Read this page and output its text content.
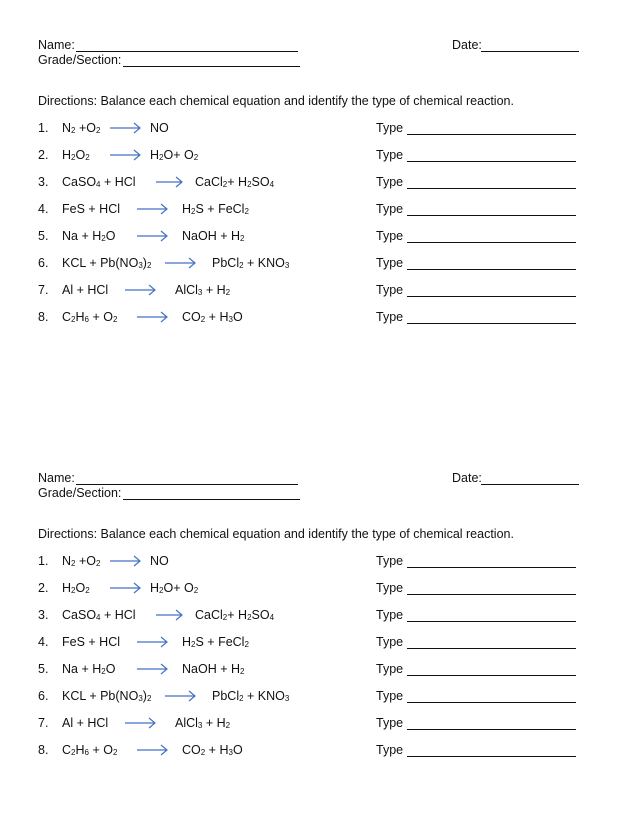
Name:	Date:
Grade/Section:
Directions: Balance each chemical equation and identify the type of chemical reaction.
1. $N_2 +O_2$ → NO	Type
2. $H_2O_2 \to H_2O+ O_2$	Type
3. CaSO$_4$ + HCl → CaCl$_2$+ $H_2SO_4$	Type
4. FeS + HCl → $H_2S$ + FeCl$_2$	Type
5. $Na + H_2O$ → NaOH + $H_2$	Type
6. KCL + $Pb(NO_3)_2$ → PbCl$_2$ + $KNO_3$	Type
7. Al + HCl → AlCl$_3$ + $H_2$	Type
8. $C_2H_6 + O_2 \to CO_2 + H_3O$	Type
Name:	Date:
Grade/Section:
Directions: Balance each chemical equation and identify the type of chemical reaction.
1. $N_2 +O_2$ → NO	Type
2. $H_2O_2 \to H_2O+ O_2$	Type
3. CaSO$_4$ + HCl → CaCl$_2$+ $H_2SO_4$	Type
4. FeS + HCl → $H_2S$ + FeCl$_2$	Type
5. $Na + H_2O$ → NaOH + $H_2$	Type
6. KCL + $Pb(NO_3)_2$ → PbCl$_2$ + $KNO_3$	Type
7. Al + HCl → AlCl$_3$ + $H_2$	Type
8. $C_2H_6 + O_2 \to CO_2 + H_3O$	Type
